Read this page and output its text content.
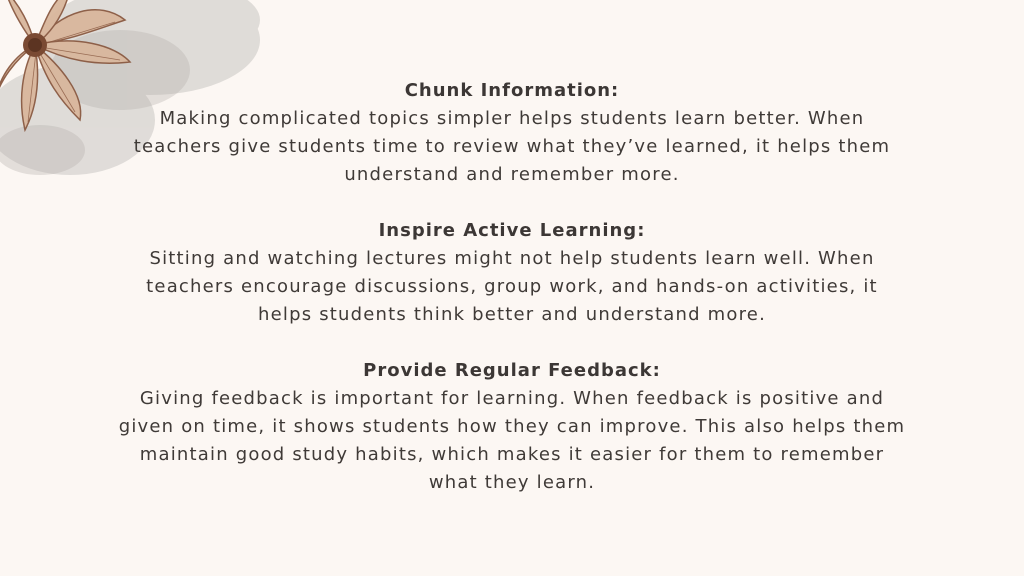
Chunk Information:
Making complicated topics simpler helps students learn better. When
teachers give students time to review what they’ve learned, it helps them
understand and remember more.
Inspire Active Learning:
Sitting and watching lectures might not help students learn well. When
teachers encourage discussions, group work, and hands-on activities, it
helps students think better and understand more.
Provide Regular Feedback:
Giving feedback is important for learning. When feedback is positive and
given on time, it shows students how they can improve. This also helps them
maintain good study habits, which makes it easier for them to remember
what they learn.
